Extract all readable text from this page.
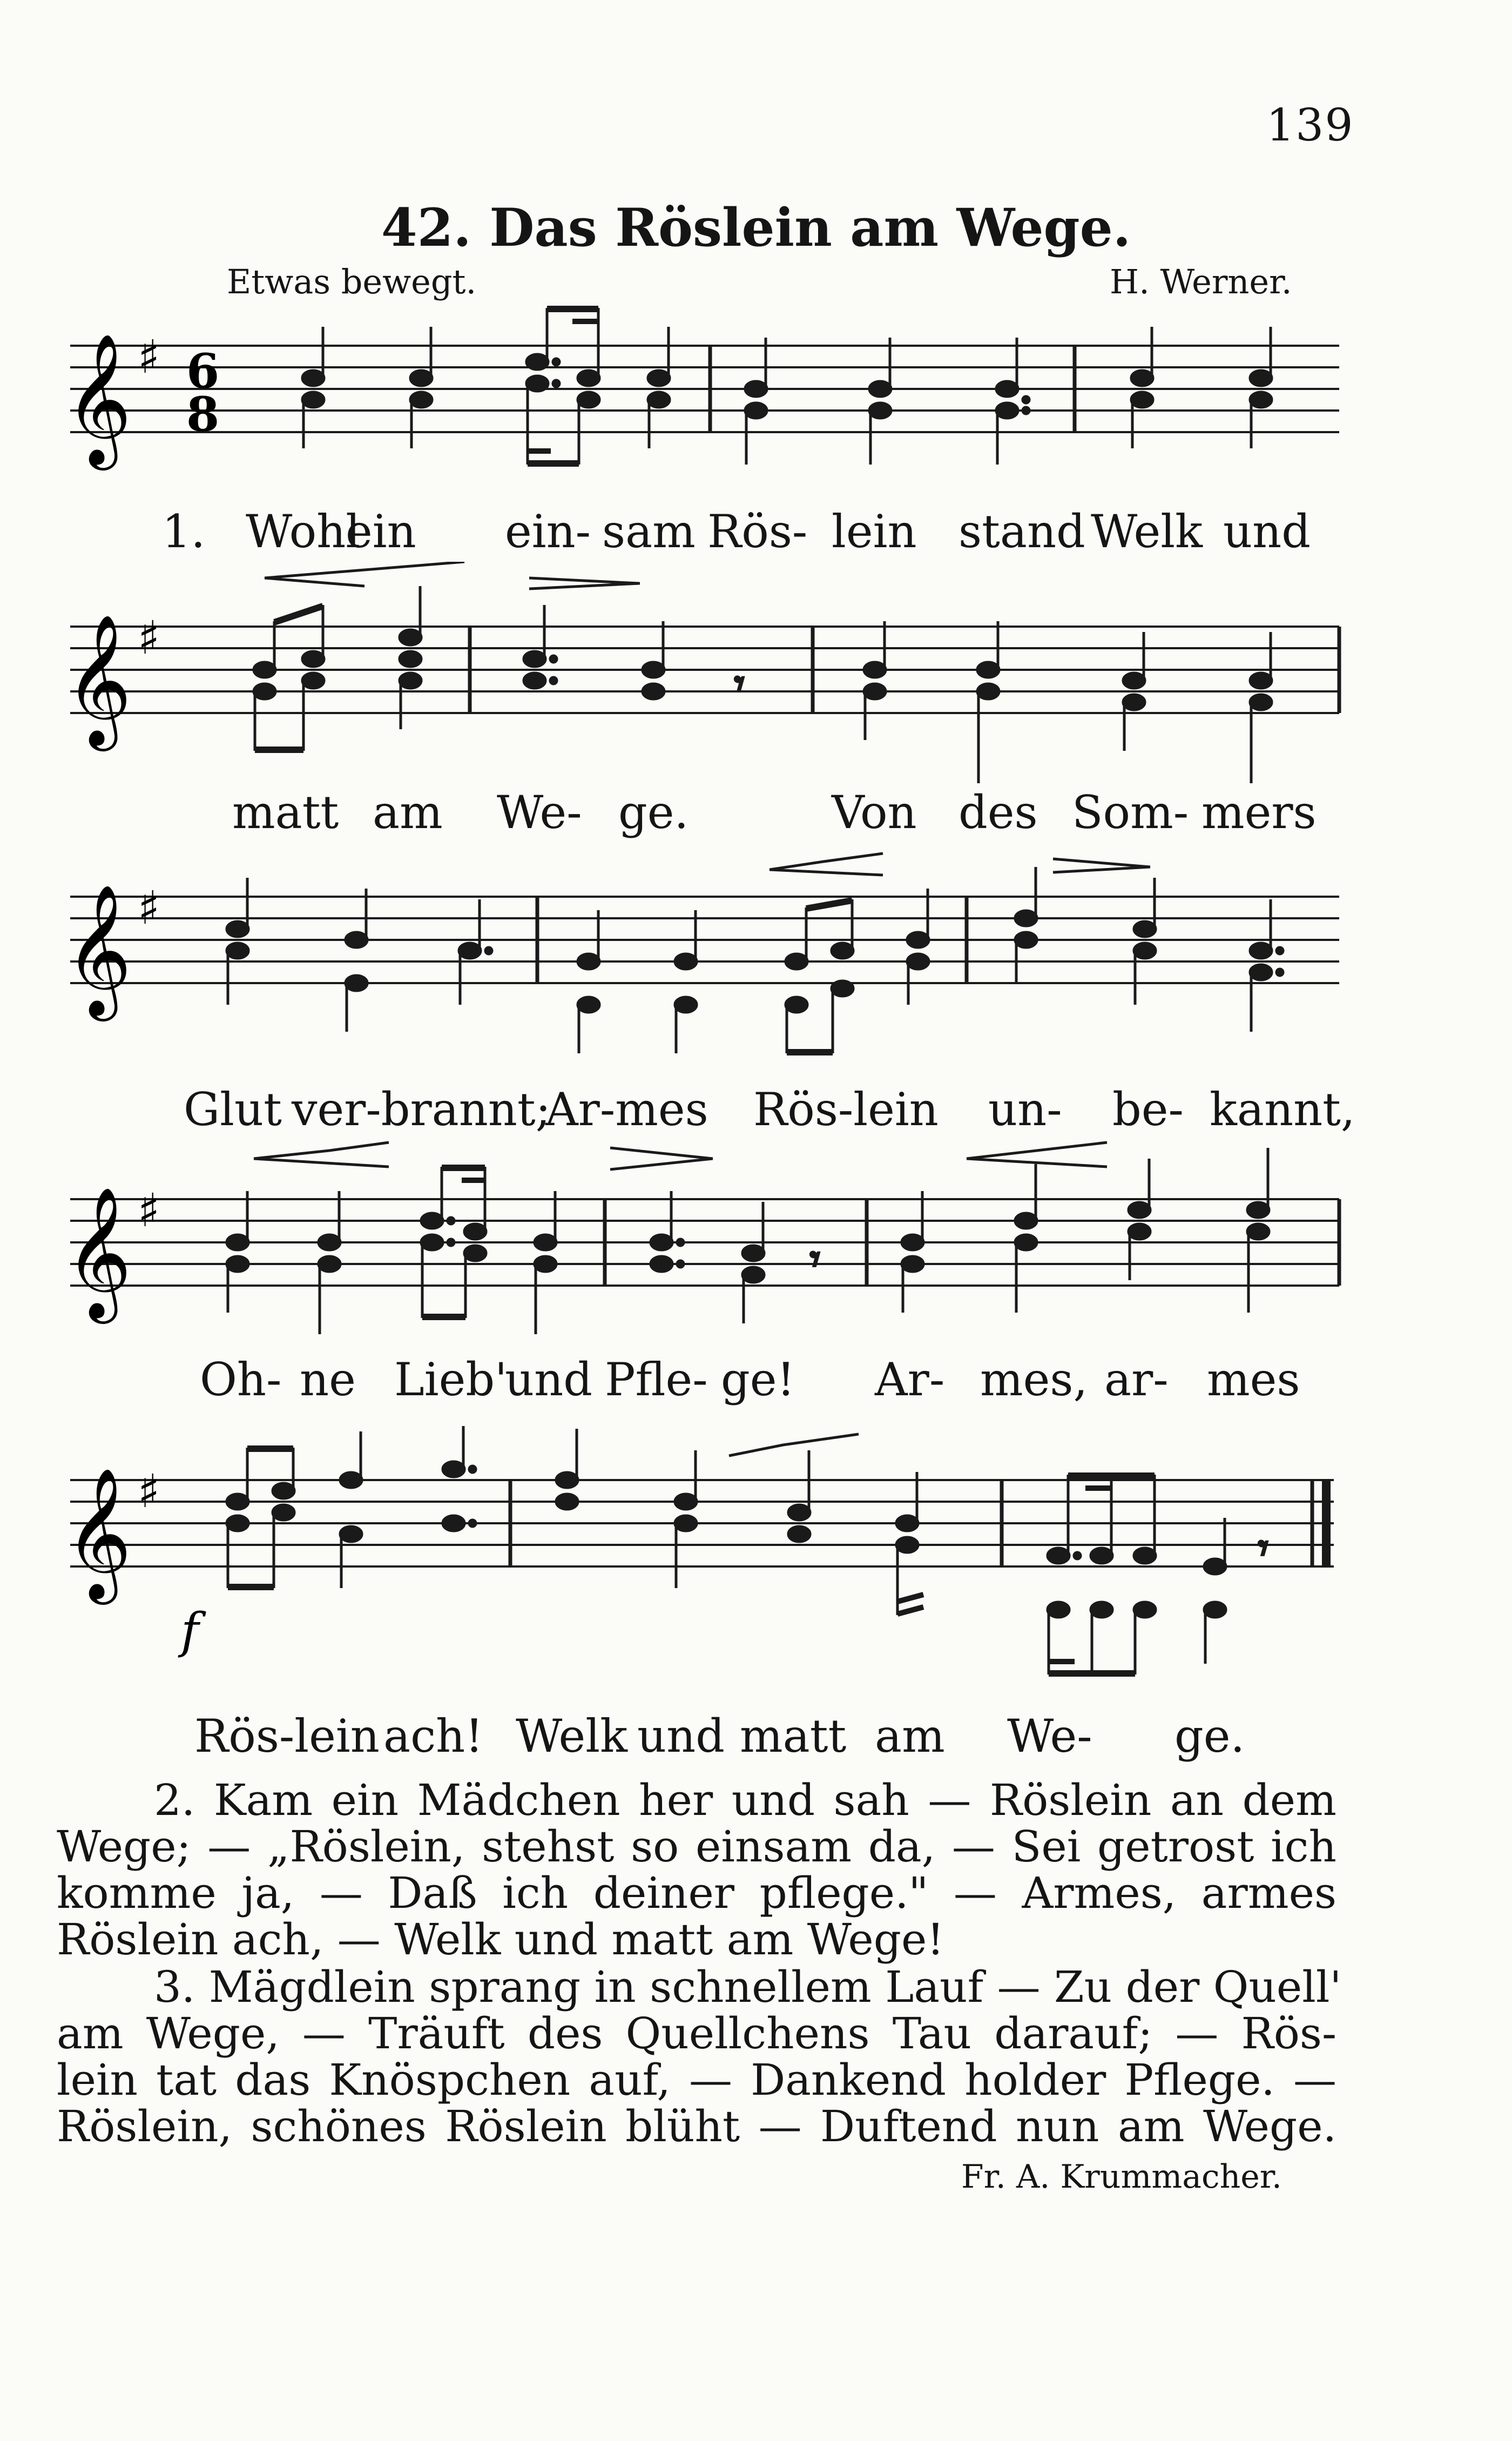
139
42. Das Röslein am Wege.
Etwas bewegt.	H. Werner.
𝄞 ♯ 6
8
1. Wohl
ein ein- sam Rös- lein stand Welk und
𝄞 ♯
𝄾
matt am We- ge.	Von des Som- mers
𝄞 ♯
Glut ver-brannt;
Ar-mes Rös-lein un- be- kannt,
𝄞 ♯
𝄾
Oh- ne Lieb'
und Pfle- ge! Ar- mes, ar- mes
𝄞 ♯
f
𝄾
Rös-lein ach! Welk und matt am We- ge.
2. Kam ein Mädchen her und sah — Röslein an dem
Wege; — „Röslein, stehst so einsam da, — Sei getrost ich
komme ja, — Daß ich deiner pflege." — Armes, armes
Röslein ach, — Welk und matt am Wege!
3. Mägdlein sprang in schnellem Lauf — Zu der Quell'
am Wege, — Träuft des Quellchens Tau darauf; — Rös-
lein tat das Knöspchen auf, — Dankend holder Pflege. —
Röslein, schönes Röslein blüht — Duftend nun am Wege.
Fr. A. Krummacher.
